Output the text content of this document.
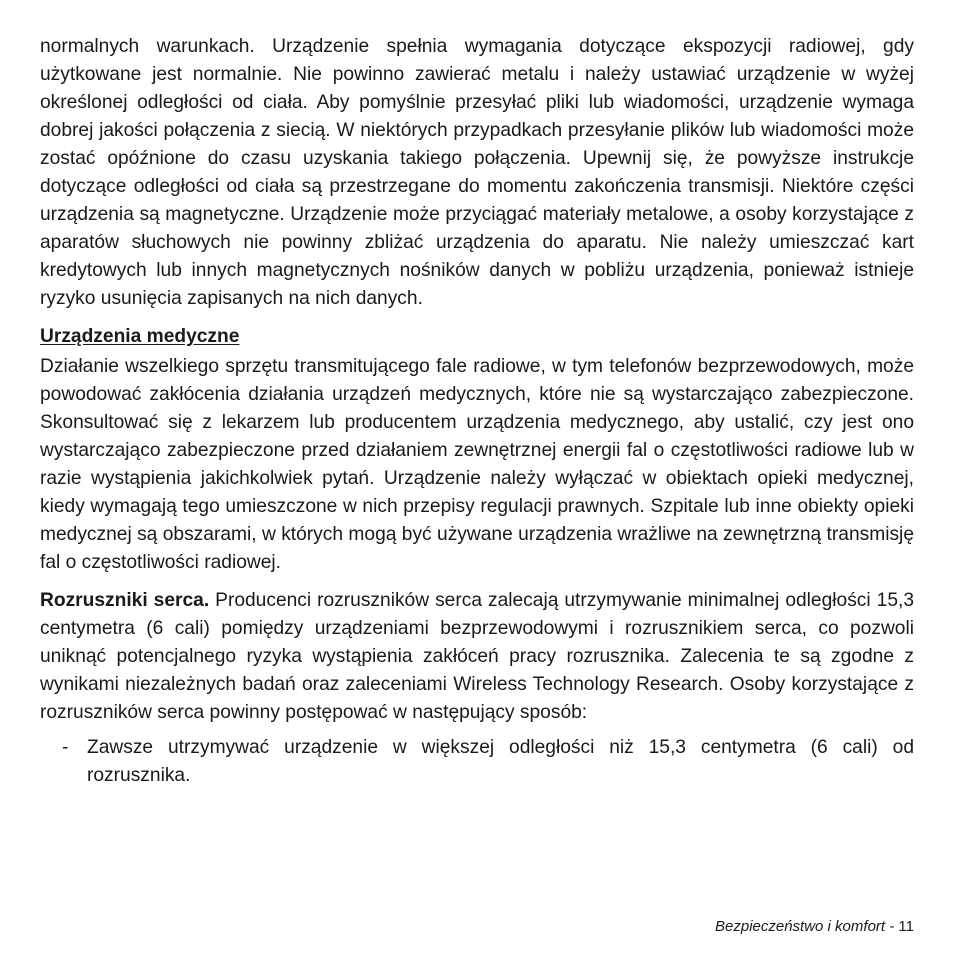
normalnych warunkach. Urządzenie spełnia wymagania dotyczące ekspozycji radiowej, gdy użytkowane jest normalnie. Nie powinno zawierać metalu i należy ustawiać urządzenie w wyżej określonej odległości od ciała. Aby pomyślnie przesyłać pliki lub wiadomości, urządzenie wymaga dobrej jakości połączenia z siecią. W niektórych przypadkach przesyłanie plików lub wiadomości może zostać opóźnione do czasu uzyskania takiego połączenia. Upewnij się, że powyższe instrukcje dotyczące odległości od ciała są przestrzegane do momentu zakończenia transmisji. Niektóre części urządzenia są magnetyczne. Urządzenie może przyciągać materiały metalowe, a osoby korzystające z aparatów słuchowych nie powinny zbliżać urządzenia do aparatu. Nie należy umieszczać kart kredytowych lub innych magnetycznych nośników danych w pobliżu urządzenia, ponieważ istnieje ryzyko usunięcia zapisanych na nich danych.

Urządzenia medyczne

Działanie wszelkiego sprzętu transmitującego fale radiowe, w tym telefonów bezprzewodowych, może powodować zakłócenia działania urządzeń medycznych, które nie są wystarczająco zabezpieczone. Skonsultować się z lekarzem lub producentem urządzenia medycznego, aby ustalić, czy jest ono wystarczająco zabezpieczone przed działaniem zewnętrznej energii fal o częstotliwości radiowe lub w razie wystąpienia jakichkolwiek pytań. Urządzenie należy wyłączać w obiektach opieki medycznej, kiedy wymagają tego umieszczone w nich przepisy regulacji prawnych. Szpitale lub inne obiekty opieki medycznej są obszarami, w których mogą być używane urządzenia wrażliwe na zewnętrzną transmisję fal o częstotliwości radiowej.

Rozruszniki serca. Producenci rozruszników serca zalecają utrzymywanie minimalnej odległości 15,3 centymetra (6 cali) pomiędzy urządzeniami bezprzewodowymi i rozrusznikiem serca, co pozwoli uniknąć potencjalnego ryzyka wystąpienia zakłóceń pracy rozrusznika. Zalecenia te są zgodne z wynikami niezależnych badań oraz zaleceniami Wireless Technology Research. Osoby korzystające z rozruszników serca powinny postępować w następujący sposób:

- Zawsze utrzymywać urządzenie w większej odległości niż 15,3 centymetra (6 cali) od rozrusznika.
Bezpieczeństwo i komfort - 11
